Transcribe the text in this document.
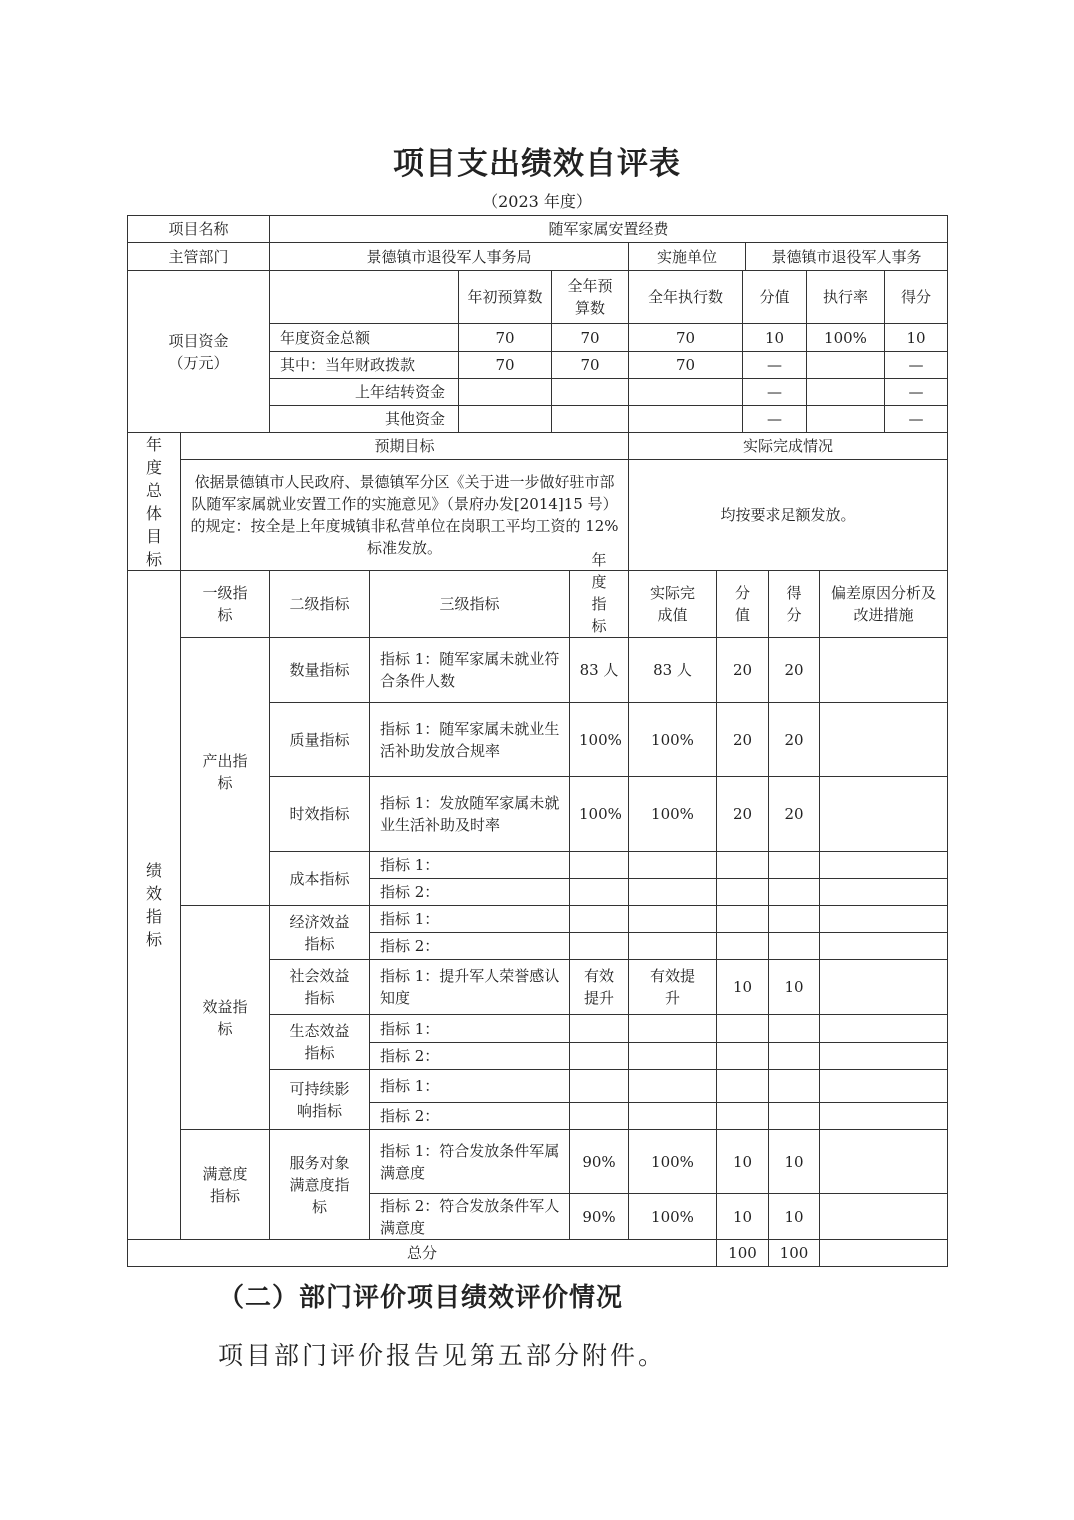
项目支出绩效自评表
（2023 年度）
项目名称	随军家属安置经费
主管部门	景德镇市退役军人事务局	实施单位	景德镇市退役军人事务
项目资金
（万元）
年初预算数
全年预算数
全年执行数	分值	执行率	得分
年度资金总额	70	70	70	10	100%	10
其中：当年财政拨款	70	70	70	—	—
上年结转资金	—	—
其他资金	—	—
年度总体目标
预期目标	实际完成情况
依据景德镇市人民政府、景德镇军分区《关于进一步做好驻市部队随军家属就业安置工作的实施意见》（景府办发[2014]15 号）的规定：按全是上年度城镇非私营单位在岗职工平均工资的 12%标准发放。
均按要求足额发放。
绩效指标
一级指标
二级指标	三级指标
年度指标
实际完成值
分值
得分
偏差原因分析及改进措施
产出指标
效益指标
满意度指标
数量指标
质量指标
时效指标
成本指标
经济效益指标
社会效益指标
生态效益指标
可持续影响指标
服务对象满意度指标
指标 1：随军家属未就业符合条件人数
83 人	83 人	20 20
指标 1：随军家属未就业生活补助发放合规率
100%	100%	20 20
指标 1：发放随军家属未就业生活补助及时率
100%	100%	20 20
指标 1：
指标 2：
指标 1：
指标 2：
指标 1：提升军人荣誉感认知度
有效提升
有效提升
10 10
指标 1：
指标 2：
指标 1：
指标 2：
指标 1：符合发放条件军属满意度
90%	100%	10 10
指标 2：符合发放条件军人满意度
90%	100%	10 10
总分	100 100
（二）部门评价项目绩效评价情况
项目部门评价报告见第五部分附件。
